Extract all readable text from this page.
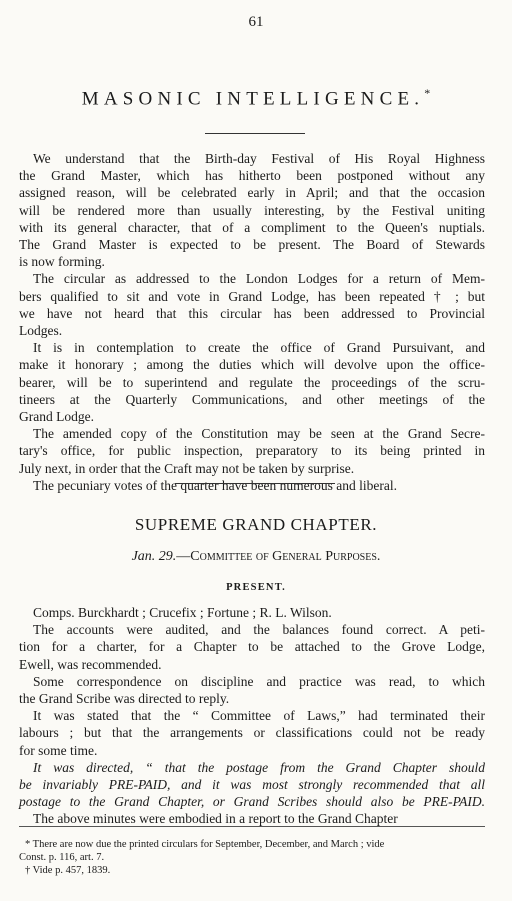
61
MASONIC INTELLIGENCE.*
We understand that the Birth-day Festival of His Royal Highness
the Grand Master, which has hitherto been postponed without any
assigned reason, will be celebrated early in April; and that the occasion
will be rendered more than usually interesting, by the Festival uniting
with its general character, that of a compliment to the Queen's nuptials.
The Grand Master is expected to be present. The Board of Stewards
is now forming.
The circular as addressed to the London Lodges for a return of Mem-
bers qualified to sit and vote in Grand Lodge, has been repeated † ; but
we have not heard that this circular has been addressed to Provincial
Lodges.
It is in contemplation to create the office of Grand Pursuivant, and
make it honorary ; among the duties which will devolve upon the office-
bearer, will be to superintend and regulate the proceedings of the scru-
tineers at the Quarterly Communications, and other meetings of the
Grand Lodge.
The amended copy of the Constitution may be seen at the Grand Secre-
tary's office, for public inspection, preparatory to its being printed in
July next, in order that the Craft may not be taken by surprise.
The pecuniary votes of the quarter have been numerous and liberal.
SUPREME GRAND CHAPTER.
Jan. 29.—Committee of General Purposes.
PRESENT.
Comps. Burckhardt ; Crucefix ; Fortune ; R. L. Wilson.
The accounts were audited, and the balances found correct. A peti-
tion for a charter, for a Chapter to be attached to the Grove Lodge,
Ewell, was recommended.
Some correspondence on discipline and practice was read, to which
the Grand Scribe was directed to reply.
It was stated that the “ Committee of Laws,” had terminated their
labours ; but that the arrangements or classifications could not be ready
for some time.
It was directed, “ that the postage from the Grand Chapter should
be invariably PRE-PAID, and it was most strongly recommended that all
postage to the Grand Chapter, or Grand Scribes should also be PRE-PAID.
The above minutes were embodied in a report to the Grand Chapter
* There are now due the printed circulars for September, December, and March ; vide
Const. p. 116, art. 7.
† Vide p. 457, 1839.
